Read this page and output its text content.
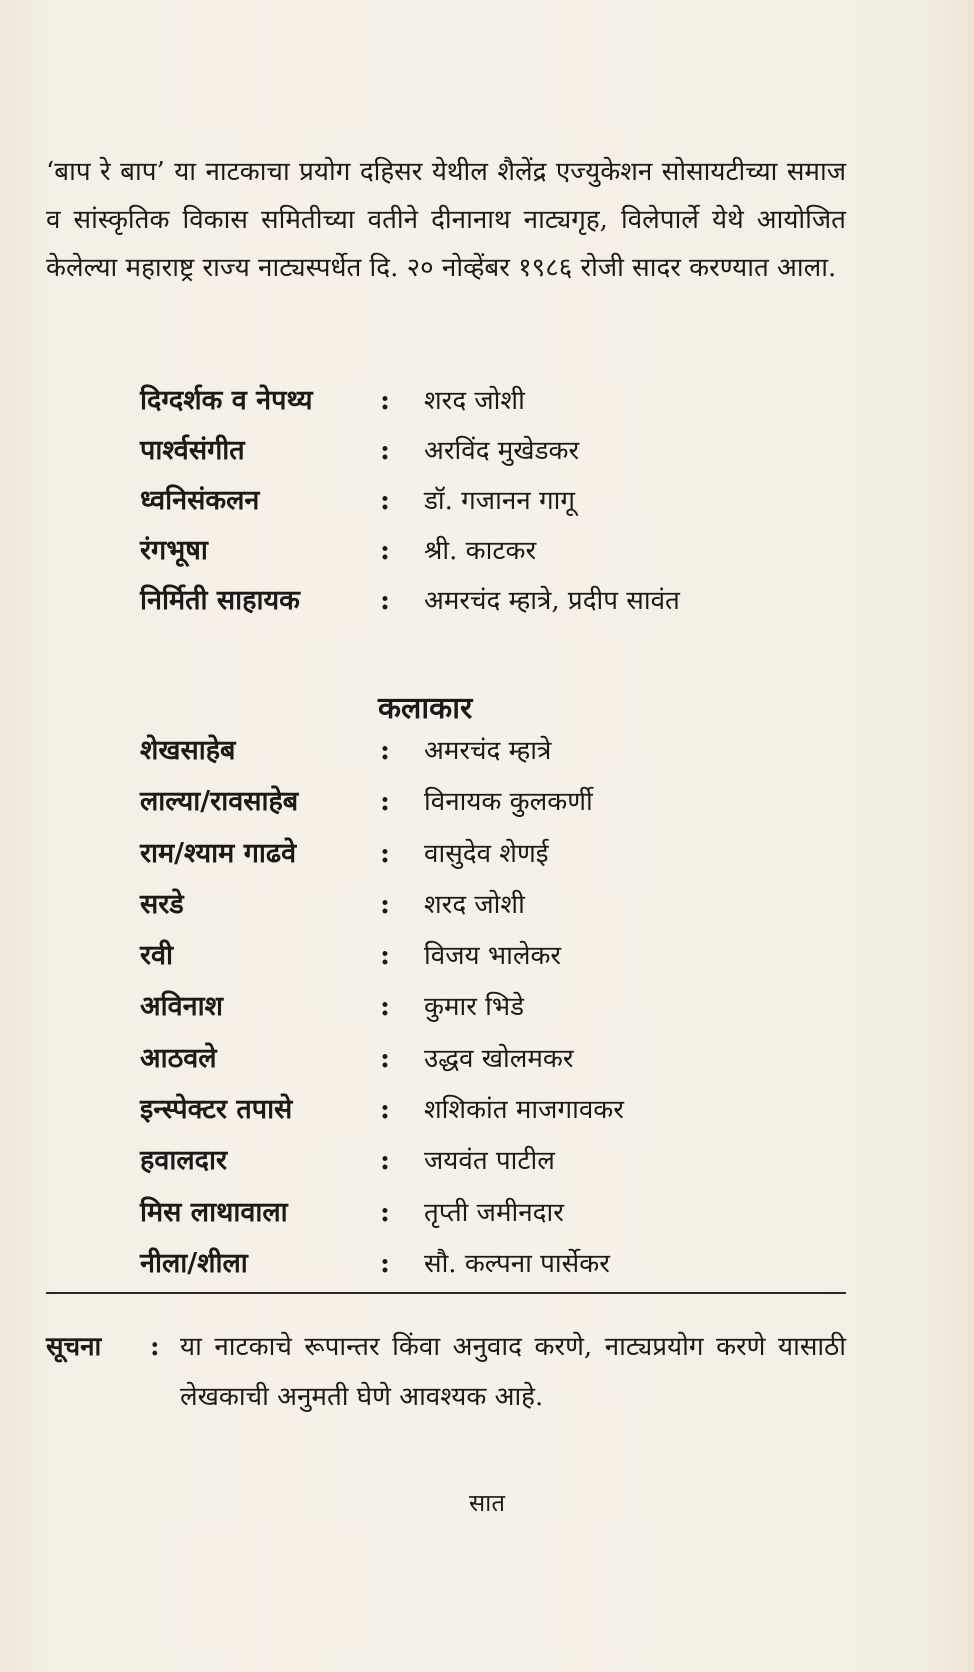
‘बाप रे बाप’ या नाटकाचा प्रयोग दहिसर येथील शैलेंद्र एज्युकेशन सोसायटीच्या समाज व सांस्कृतिक विकास समितीच्या वतीने दीनानाथ नाट्यगृह, विलेपार्ले येथे आयोजित केलेल्या महाराष्ट्र राज्य नाट्यस्पर्धेत दि. २० नोव्हेंबर १९८६ रोजी सादर करण्यात आला.

दिग्दर्शक व नेपथ्य	:	शरद जोशी
पार्श्वसंगीत	:	अरविंद मुखेडकर
ध्वनिसंकलन	:	डॉ. गजानन गागू
रंगभूषा	:	श्री. काटकर
निर्मिती साहायक	:	अमरचंद म्हात्रे, प्रदीप सावंत
कलाकार
शेखसाहेब	:	अमरचंद म्हात्रे
लाल्या/रावसाहेब	:	विनायक कुलकर्णी
राम/श्याम गाढवे	:	वासुदेव शेणई
सरडे	:	शरद जोशी
रवी	:	विजय भालेकर
अविनाश	:	कुमार भिडे
आठवले	:	उद्धव खोलमकर
इन्स्पेक्टर तपासे	:	शशिकांत माजगावकर
हवालदार	:	जयवंत पाटील
मिस लाथावाला	:	तृप्ती जमीनदार
नीला/शीला	:	सौ. कल्पना पार्सेकर
सूचना	: या नाटकाचे रूपान्तर किंवा अनुवाद करणे, नाट्यप्रयोग करणे यासाठी लेखकाची अनुमती घेणे आवश्यक आहे.
सात
